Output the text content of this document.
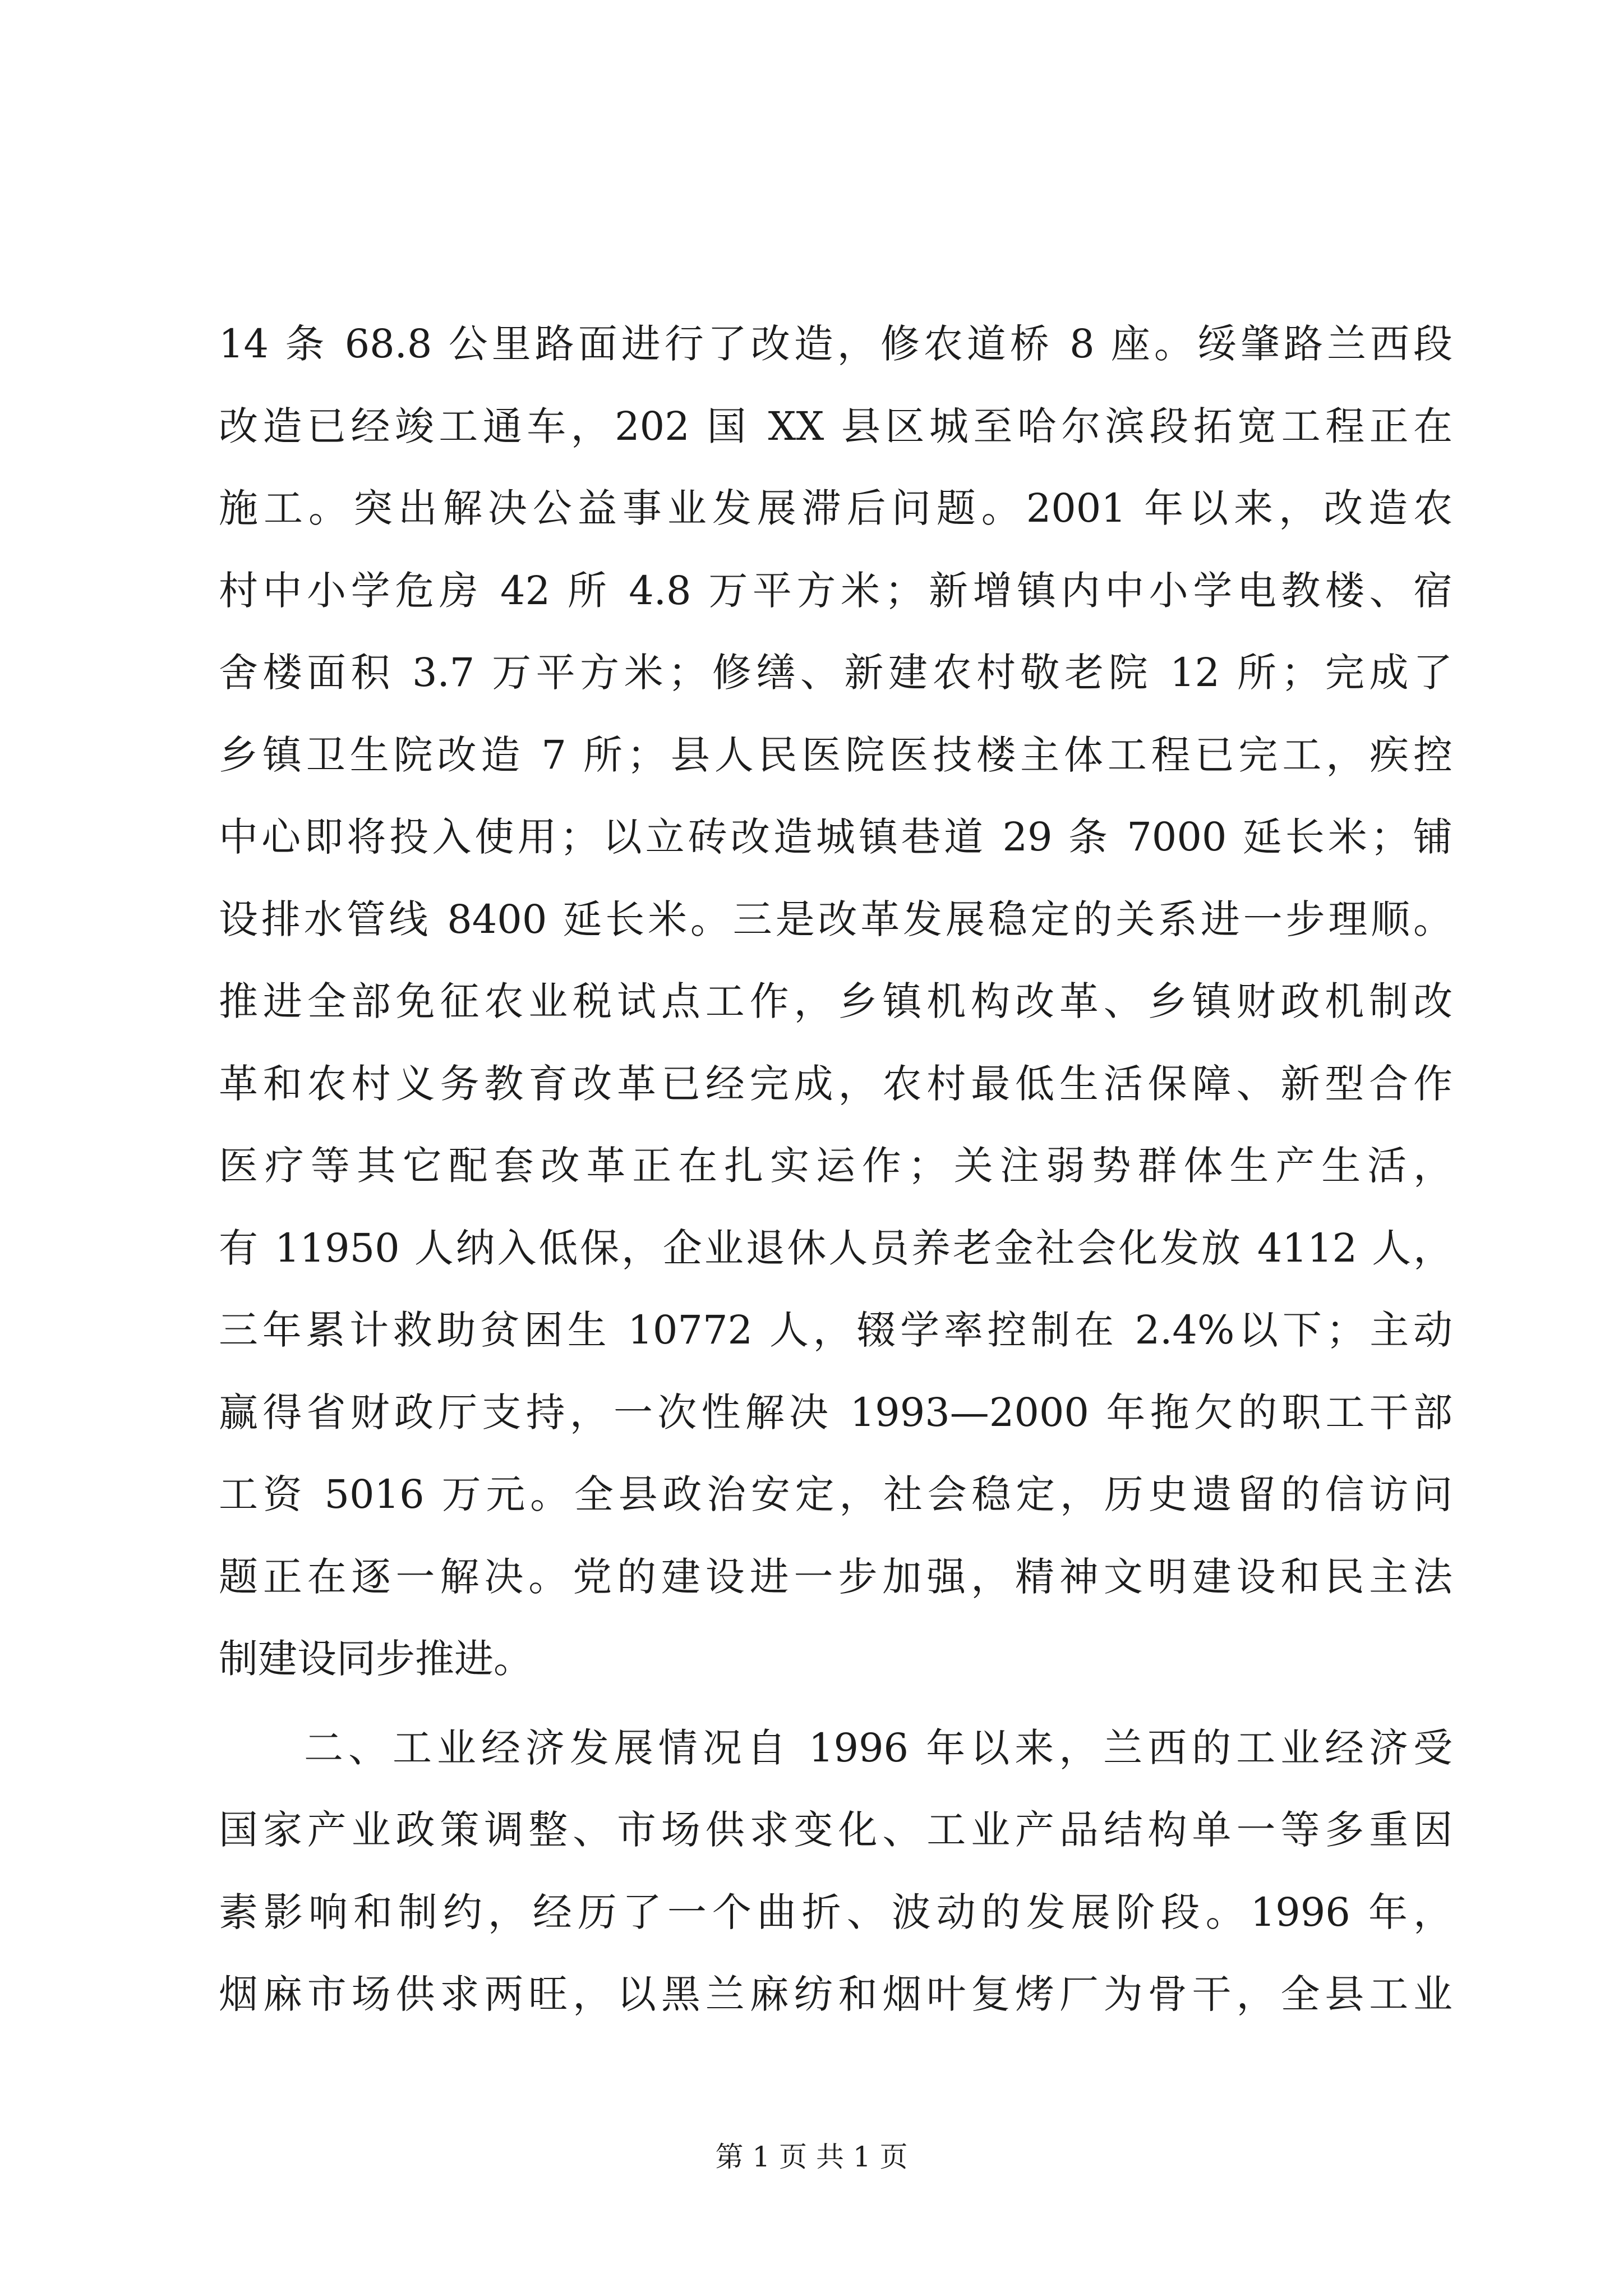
14 条 68.8 公里路面进行了改造，修农道桥 8 座。绥肇路兰西段
改造已经竣工通车，202 国 XX 县区城至哈尔滨段拓宽工程正在
施工。突出解决公益事业发展滞后问题。2001 年以来，改造农
村中小学危房 42 所 4.8 万平方米；新增镇内中小学电教楼、宿
舍楼面积 3.7 万平方米；修缮、新建农村敬老院 12 所；完成了
乡镇卫生院改造 7 所；县人民医院医技楼主体工程已完工，疾控
中心即将投入使用；以立砖改造城镇巷道 29 条 7000 延长米；铺
设排水管线 8400 延长米。三是改革发展稳定的关系进一步理顺。
推进全部免征农业税试点工作，乡镇机构改革、乡镇财政机制改
革和农村义务教育改革已经完成，农村最低生活保障、新型合作
医疗等其它配套改革正在扎实运作；关注弱势群体生产生活，
有 11950 人纳入低保，企业退休人员养老金社会化发放 4112 人，
三年累计救助贫困生 10772 人，辍学率控制在 2.4%以下；主动
赢得省财政厅支持，一次性解决 1993—2000 年拖欠的职工干部
工资 5016 万元。全县政治安定，社会稳定，历史遗留的信访问
题正在逐一解决。党的建设进一步加强，精神文明建设和民主法
制建设同步推进。
二、工业经济发展情况自 1996 年以来，兰西的工业经济受
国家产业政策调整、市场供求变化、工业产品结构单一等多重因
素影响和制约，经历了一个曲折、波动的发展阶段。1996 年，
烟麻市场供求两旺，以黑兰麻纺和烟叶复烤厂为骨干，全县工业
第 1 页 共 1 页
